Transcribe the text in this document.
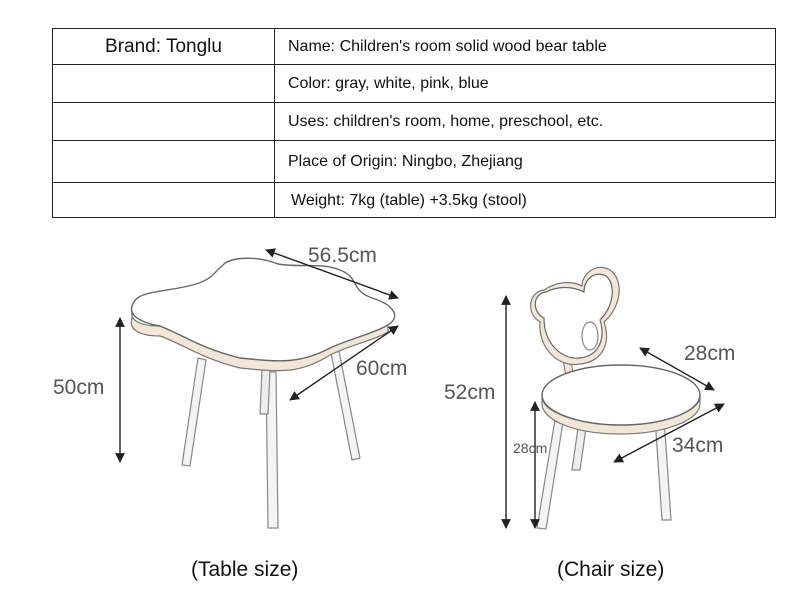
Brand: Tonglu	Name: Children's room solid wood bear table
Color: gray, white, pink, blue
Uses: children's room, home, preschool, etc.
Place of Origin: Ningbo, Zhejiang
Weight: 7kg (table) +3.5kg (stool)
56.5cm
60cm
50cm
28cm
34cm
52cm
28cm
(Table size)	(Chair size)
